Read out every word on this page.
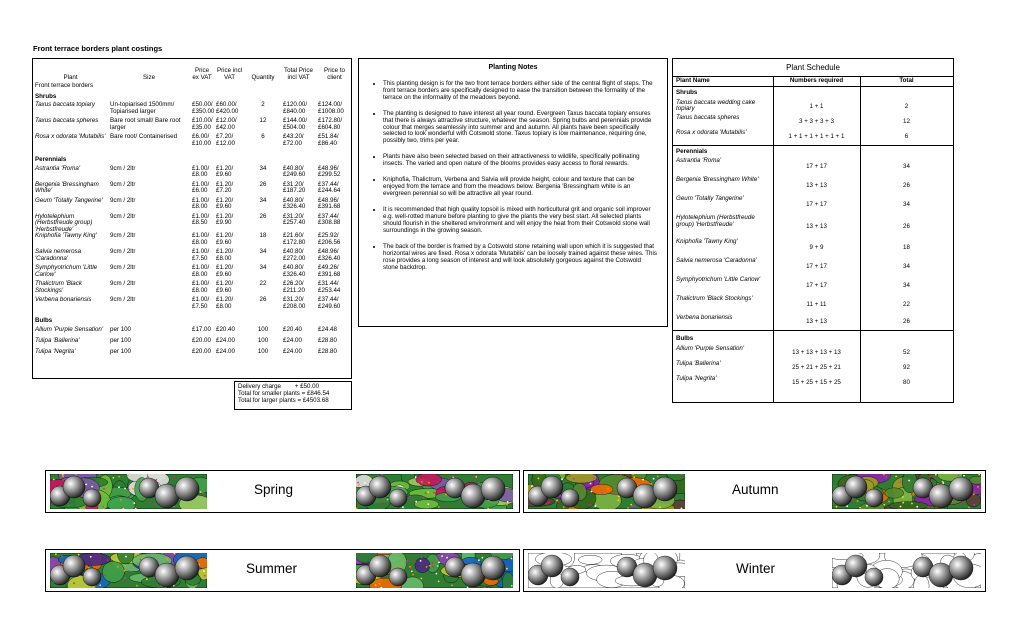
Front terrace borders plant costings
Plant	Size	Price ex VAT	Price incl VAT	Quantity	Total Price incl VAT	Price to client
Front terrace borders						
Shrubs						
Taxus baccata topiary	Un-topiarised 1500mm/ Topiarised larger	£50.00/ £350.00	£60.00/ £420.00	2	£120.00/ £840.00	£124.00/ £1008.00
Taxus baccata spheres	Bare root small/ Bare root larger	£10.00/ £35.00	£12.00/ £42.00	12	£144.00/ £504.00	£172.80/ £604.80
Rosa x odorata 'Mutabilis'	Bare root/ Containerised	£6.00/ £10.00	£7.20/ £12.00	6	£43.20/ £72.00	£51.84/ £86.40
Perennials						
Astrantia 'Roma'	9cm / 2ltr	£1.00/ £8.00	£1.20/ £9.60	34	£40.80/ £249.60	£48.96/ £299.52
Bergenia 'Bressingham White'	9cm / 2ltr	£1.00/ £6.00	£1.20/ £7.20	26	£31.20/ £187.20	£37.44/ £244.64
Geum 'Totally Tangerine'	9cm / 2ltr	£1.00/ £8.00	£1.20/ £9.60	34	£40.80/ £326.40	£48.96/ £391.68
Hylotelephium (Herbstfreude group) 'Herbstfreude'	9cm / 2ltr	£1.00/ £8.50	£1.20/ £9.90	26	£31.20/ £257.40	£37.44/ £308.88
Kniphofia 'Tawny King'	9cm / 2ltr	£1.00/ £8.00	£1.20/ £9.60	18	£21.60/ £172.80	£25.92/ £206.56
Salvia nemerosa 'Caradonna'	9cm / 2ltr	£1.00/ £7.50	£1.20/ £8.00	34	£40.80/ £272.00	£48.96/ £326.40
Symphyotrichum 'Little Carlow'	9cm / 2ltr	£1.00/ £8.00	£1.20/ £9.60	34	£40.80/ £326.40	£49.26/ £391.68
Thalictrum 'Black Stockings'	9cm / 2ltr	£1.00/ £8.00	£1.20/ £9.60	22	£26.20/ £211.20	£31.44/ £253.44
Verbena bonariensis	9cm / 2ltr	£1.00/ £7.50	£1.20/ £8.00	26	£31.20/ £208.00	£37.44/ £249.60
Bulbs						
Allium 'Purple Sensation'	per 100	£17.00	£20.40	100	£20.40	£24.48
Tulipa 'Ballerina'	per 100	£20.00	£24.00	100	£24.00	£28.80
Tulipa 'Negrita'	per 100	£20.00	£24.00	100	£24.00	£28.80
Delivery charge + £50.00
Total for smaller plants = £846.54
Total for larger plants = £4503.68
Planting Notes
• This planting design is for the two front terrace borders either side of the central flight of steps. The front terrace borders are specifically designed to ease the transition between the formality of the terrace on the informality of the meadows beyond.
• The planting is designed to have interest all year round. Evergreen Taxus baccata topiary ensures that there is always attractive structure, whatever the season. Spring bulbs and perennials provide colour that merges seamlessly into summer and and autumn. All plants have been specifically selected to look wonderful with Cotswold stone. Taxus topiary is low maintenance, requiring one, possibly two, trims per year.
• Plants have also been selected based on their attractiveness to wildlife, specifically pollinating insects. The varied and open nature of the blooms provides easy access to floral rewards.
• Kniphofia, Thalictrum, Verbena and Salvia will provide height, colour and texture that can be enjoyed from the terrace and from the meadows below. Bergenia 'Bressingham white is an evergreen perennial so will be attractive all year round.
• It is recommended that high quality topsoil is mixed with horticultural grit and organic soil improver e.g. well-rotted manure before planting to give the plants the very best start. All selected plants should flourish in the sheltered environment and will enjoy the heat from their Cotswold stone wall surroundings in the growing season.
• The back of the border is framed by a Cotswold stone retaining wall upon which it is suggested that horizontal wires are fixed. Rosa x odorata 'Mutabilis' can be loosely trained against these wires. This rose provides a long season of interest and will look absolutely gorgeous against the Cotswold stone backdrop.
Plant Schedule
Plant Name	Numbers required	Total
Shrubs		
Taxus baccata wedding cake topiary	1 + 1	2
Taxus baccata spheres	3 + 3 + 3 + 3	12
Rosa x odorata 'Mutabilis'	1 + 1 + 1 + 1 + 1 + 1	6
Perennials		
Astrantia 'Roma'	17 + 17	34
Bergenia 'Bressingham White'	13 + 13	26
Geum 'Totally Tangerine'	17 + 17	34
Hylotelephium (Herbstfreude group) 'Herbstfreude'	13 + 13	26
Kniphofia 'Tawny King'	9 + 9	18
Salvia nemerosa 'Caradonna'	17 + 17	34
Symphyotrichum 'Little Carlow'	17 + 17	34
Thalictrum 'Black Stockings'	11 + 11	22
Verbena bonariensis	13 + 13	26
Bulbs		
Allium 'Purple Sensation'	13 + 13 + 13 + 13	52
Tulipa 'Ballerina'	25 + 21 + 25 + 21	92
Tulipa 'Negrita'	15 + 25 + 15 + 25	80
Spring	Autumn
Summer	Winter
